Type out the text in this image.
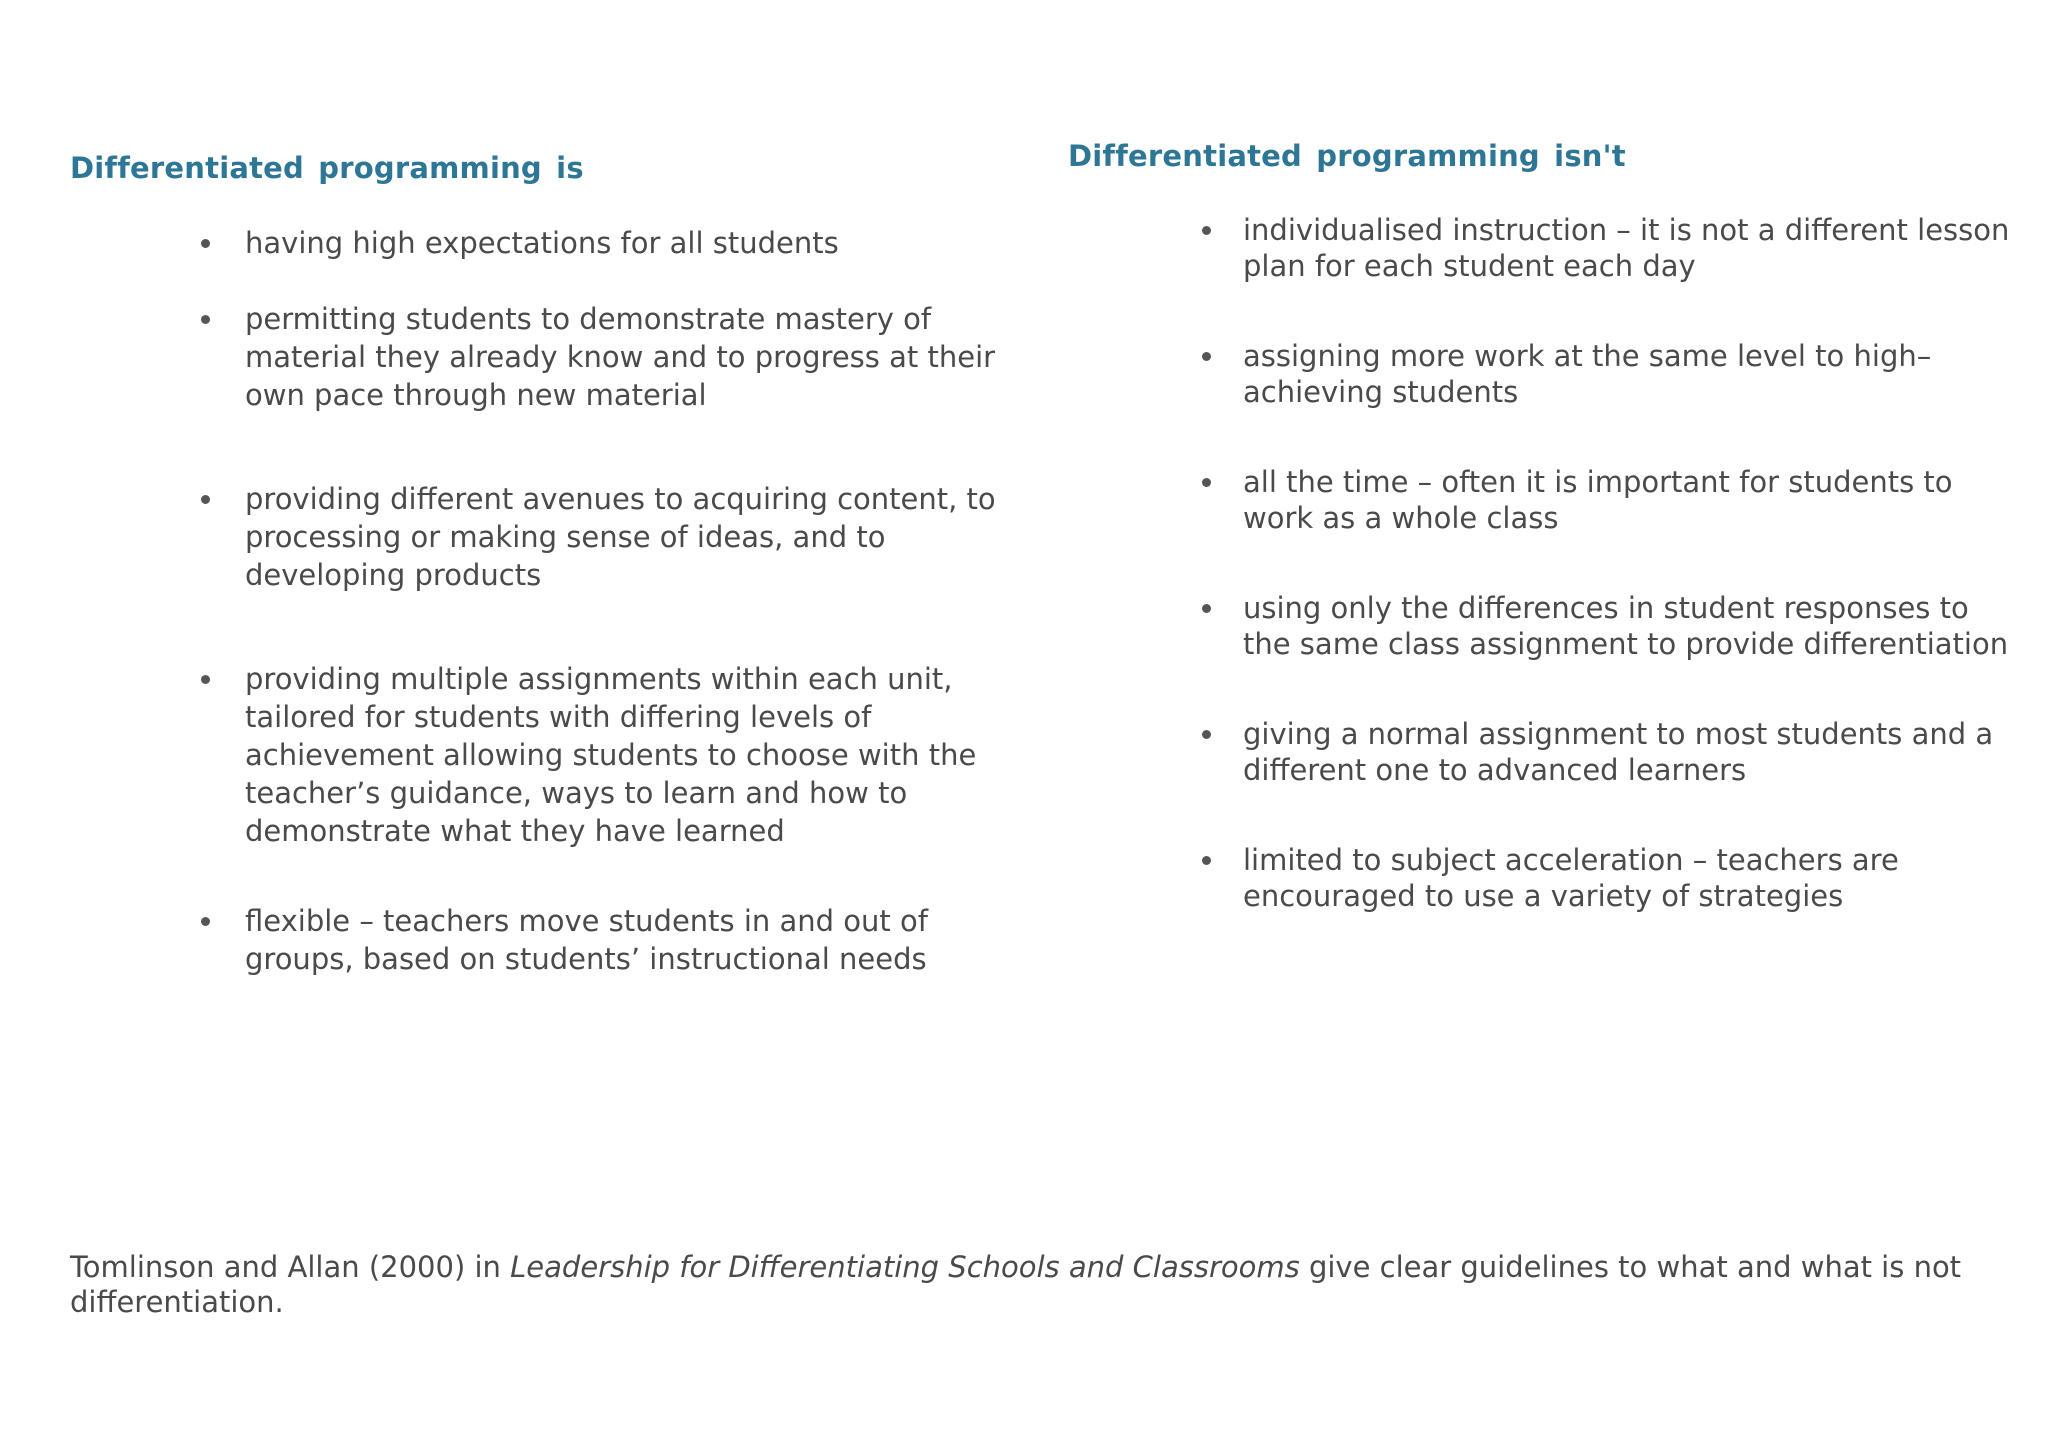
Differentiated programming is
having high expectations for all students
permitting students to demonstrate mastery of material they already know and to progress at their own pace through new material
providing different avenues to acquiring content, to processing or making sense of ideas, and to developing products
providing multiple assignments within each unit, tailored for students with differing levels of achievement allowing students to choose with the teacher’s guidance, ways to learn and how to demonstrate what they have learned
flexible – teachers move students in and out of groups, based on students’ instructional needs
Differentiated programming isn't
individualised instruction – it is not a different lesson plan for each student each day
assigning more work at the same level to high–achieving students
all the time – often it is important for students to work as a whole class
using only the differences in student responses to the same class assignment to provide differentiation
giving a normal assignment to most students and a different one to advanced learners
limited to subject acceleration – teachers are encouraged to use a variety of strategies

Tomlinson and Allan (2000) in Leadership for Differentiating Schools and Classrooms give clear guidelines to what and what is not differentiation.
